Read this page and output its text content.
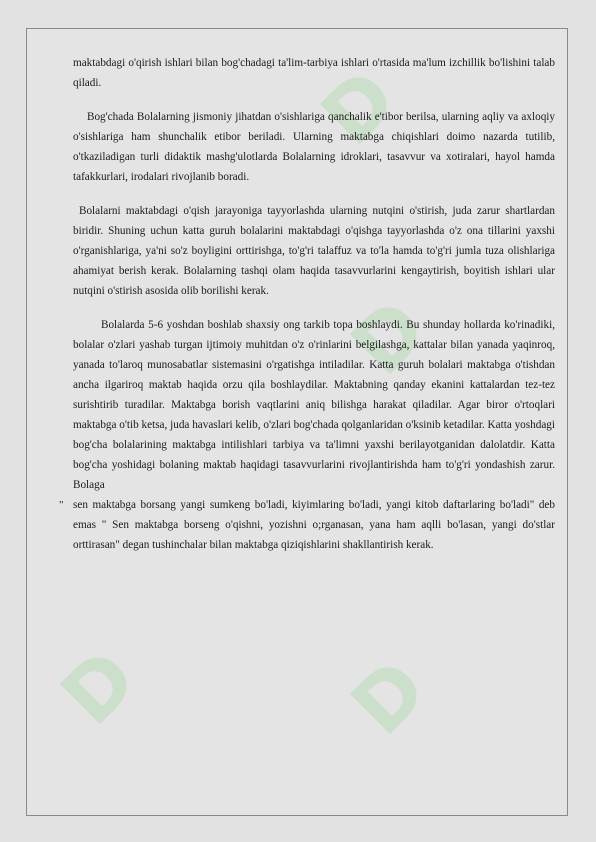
D
D
D D

maktabdagi o'qirish ishlari bilan bog'chadagi ta'lim-tarbiya ishlari o'rtasida ma'lum izchillik bo'lishini talab qiladi.

Bog'chada Bolalarning jismoniy jihatdan o'sishlariga qanchalik e'tibor berilsa, ularning aqliy va axloqiy o'sishlariga ham shunchalik etibor beriladi. Ularning maktabga chiqishlari doimo nazarda tutilib, o'tkaziladigan turli didaktik mashg'ulotlarda Bolalarning idroklari, tasavvur va xotiralari, hayol hamda tafakkurlari, irodalari rivojlanib boradi.

Bolalarni maktabdagi o'qish jarayoniga tayyorlashda ularning nutqini o'stirish, juda zarur shartlardan biridir. Shuning uchun katta guruh bolalarini maktabdagi o'qishga tayyorlashda o'z ona tillarini yaxshi o'rganishlariga, ya'ni so'z boyligini orttirishga, to'g'ri talaffuz va to'la hamda to'g'ri jumla tuza olishlariga ahamiyat berish kerak. Bolalarning tashqi olam haqida tasavvurlarini kengaytirish, boyitish ishlari ular nutqini o'stirish asosida olib borilishi kerak.

Bolalarda 5-6 yoshdan boshlab shaxsiy ong tarkib topa boshlaydi. Bu shunday hollarda ko'rinadiki, bolalar o'zlari yashab turgan ijtimoiy muhitdan o'z o'rinlarini belgilashga, kattalar bilan yanada yaqinroq, yanada to'laroq munosabatlar sistemasini o'rgatishga intiladilar. Katta guruh bolalari maktabga o'tishdan ancha ilgariroq maktab haqida orzu qila boshlaydilar. Maktabning qanday ekanini kattalardan tez-tez surishtirib turadilar. Maktabga borish vaqtlarini aniq bilishga harakat qiladilar. Agar biror o'rtoqlari maktabga o'tib ketsa, juda havaslari kelib, o'zlari bog'chada qolganlaridan o'ksinib ketadilar. Katta yoshdagi bog'cha bolalarining maktabga intilishlari tarbiya va ta'limni yaxshi berilayotganidan dalolatdir. Katta bog'cha yoshidagi bolaning maktab haqidagi tasavvurlarini rivojlantirishda ham to'g'ri yondashish zarur. Bolaga

" sen maktabga borsang yangi sumkeng bo'ladi, kiyimlaring bo'ladi, yangi kitob daftarlaring bo'ladi" deb emas " Sen maktabga borseng o'qishni, yozishni o;rganasan, yana ham aqlli bo'lasan, yangi do'stlar orttirasan" degan tushinchalar bilan maktabga qiziqishlarini shakllantirish kerak.
